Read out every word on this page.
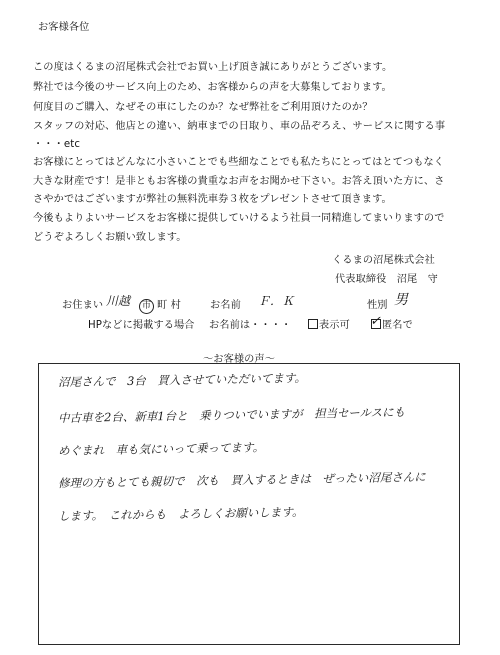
お客様各位
この度はくるまの沼尾株式会社でお買い上げ頂き誠にありがとうございます。
弊社では今後のサービス向上のため、お客様からの声を大募集しております。
何度目のご購入、なぜその車にしたのか？なぜ弊社をご利用頂けたのか？
スタッフの対応、他店との違い、納車までの日取り、車の品ぞろえ、サービスに関する事
・・・etc
お客様にとってはどんなに小さいことでも些細なことでも私たちにとってはとてつもなく
大きな財産です！是非ともお客様の貴重なお声をお聞かせ下さい。お答え頂いた方に、さ
さやかではございますが弊社の無料洗車券３枚をプレゼントさせて頂きます。
今後もよりよいサービスをお客様に提供していけるよう社員一同精進してまいりますので
どうぞよろしくお願い致します。
くるまの沼尾株式会社
代表取締役　沼尾　守
お住まい 川越	市 町 村	お名前 Ｆ．Ｋ	性別 男
HPなどに掲載する場合 お名前は・・・・	表示可 ✓ 匿名で
～お客様の声～
沼尾さんで　3台　買入させていただいてます。
中古車を2台、新車1台と　乗りついでいますが　担当セールスにも
めぐまれ　車も気にいって乗ってます。
修理の方もとても親切で　次も　買入するときは　ぜったい沼尾さんに
します。　これからも　よろしくお願いします。
